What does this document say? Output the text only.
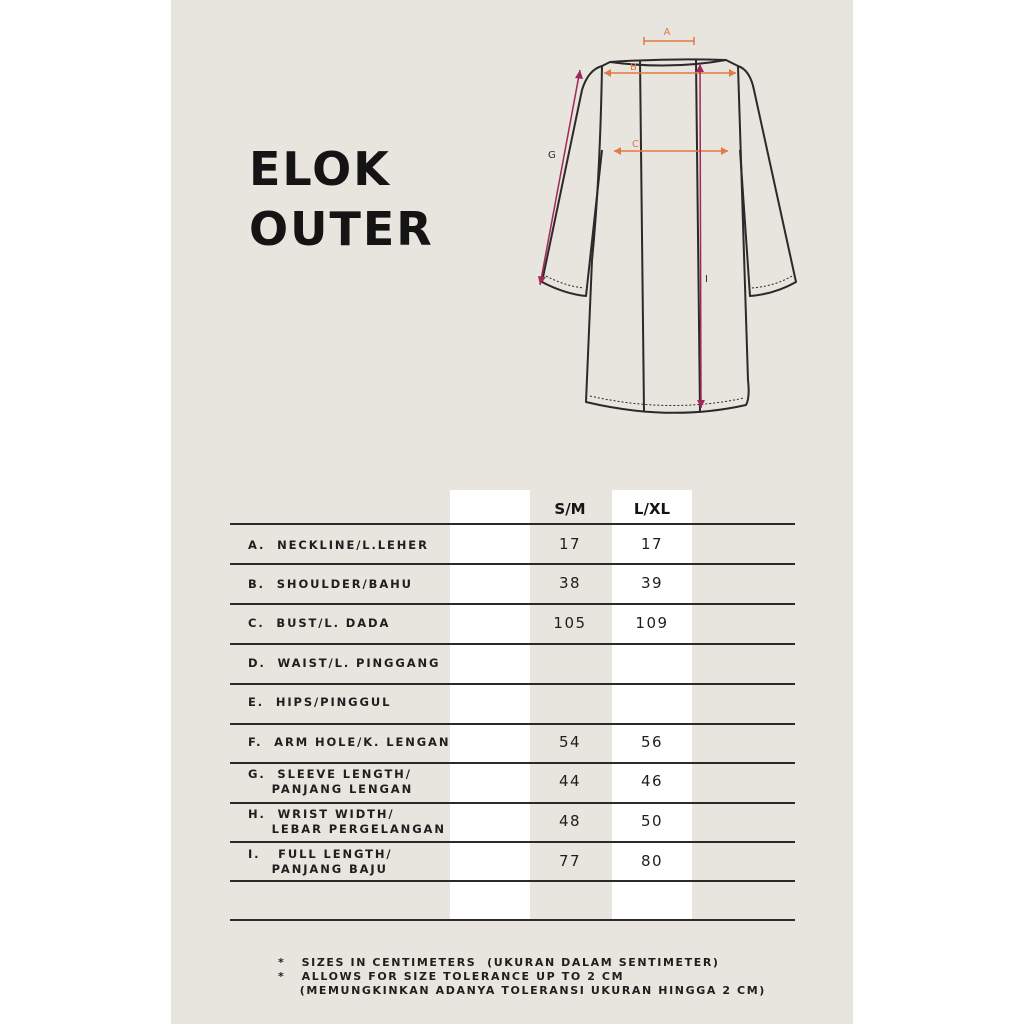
ELOK
OUTER
A
B
C
G
I
S/M	L/XL
A.  NECKLINE/L.LEHER
B.  SHOULDER/BAHU
C.  BUST/L. DADA
D.  WAIST/L. PINGGANG
E.  HIPS/PINGGUL
F.  ARM HOLE/K. LENGAN
G.  SLEEVE LENGTH/
PANJANG LENGAN
H.  WRIST WIDTH/
LEBAR PERGELANGAN
I.   FULL LENGTH/
PANJANG BAJU
17
38
105
54
44
48
77
17
39
109
56
46
50
80
*   SIZES IN CENTIMETERS  (UKURAN DALAM SENTIMETER)
*   ALLOWS FOR SIZE TOLERANCE UP TO 2 CM
(MEMUNGKINKAN ADANYA TOLERANSI UKURAN HINGGA 2 CM)
